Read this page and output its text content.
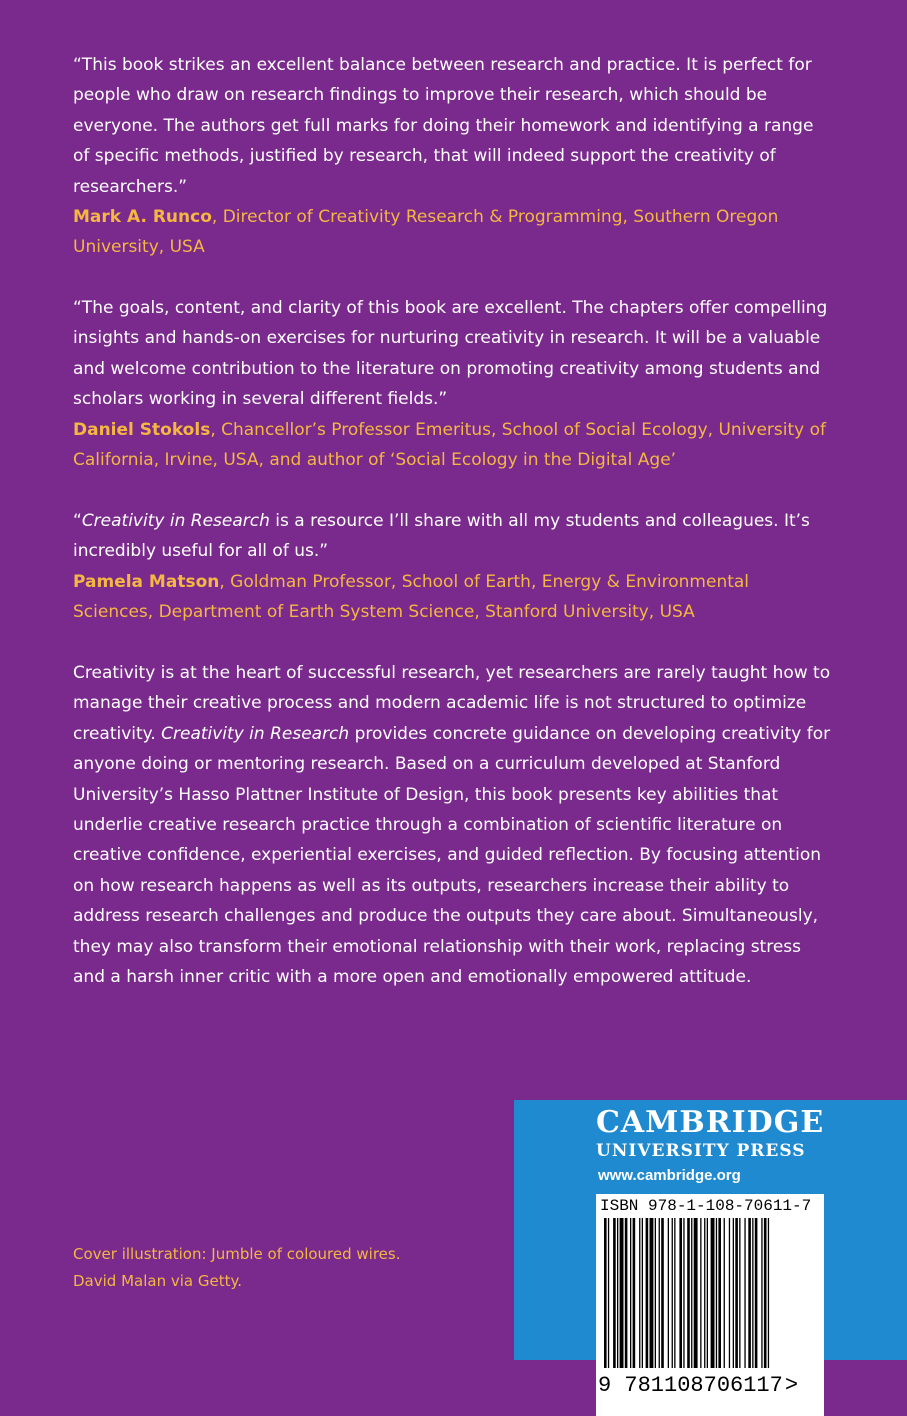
“This book strikes an excellent balance between research and practice. It is perfect for people who draw on research findings to improve their research, which should be everyone. The authors get full marks for doing their homework and identifying a range of specific methods, justified by research, that will indeed support the creativity of researchers.”
Mark A. Runco, Director of Creativity Research & Programming, Southern Oregon University, USA

“The goals, content, and clarity of this book are excellent. The chapters offer compelling insights and hands-on exercises for nurturing creativity in research. It will be a valuable and welcome contribution to the literature on promoting creativity among students and scholars working in several different fields.”
Daniel Stokols, Chancellor’s Professor Emeritus, School of Social Ecology, University of California, Irvine, USA, and author of ‘Social Ecology in the Digital Age’

“Creativity in Research is a resource I’ll share with all my students and colleagues. It’s incredibly useful for all of us.”
Pamela Matson, Goldman Professor, School of Earth, Energy & Environmental Sciences, Department of Earth System Science, Stanford University, USA

Creativity is at the heart of successful research, yet researchers are rarely taught how to manage their creative process and modern academic life is not structured to optimize creativity. Creativity in Research provides concrete guidance on developing creativity for anyone doing or mentoring research. Based on a curriculum developed at Stanford University’s Hasso Plattner Institute of Design, this book presents key abilities that underlie creative research practice through a combination of scientific literature on creative confidence, experiential exercises, and guided reflection. By focusing attention on how research happens as well as its outputs, researchers increase their ability to address research challenges and produce the outputs they care about. Simultaneously, they may also transform their emotional relationship with their work, replacing stress and a harsh inner critic with a more open and emotionally empowered attitude.

Cover illustration: Jumble of coloured wires.
David Malan via Getty.
CAMBRIDGE
UNIVERSITY PRESS
www.cambridge.org
ISBN 978-1-108-70611-7
9 781108706117>
